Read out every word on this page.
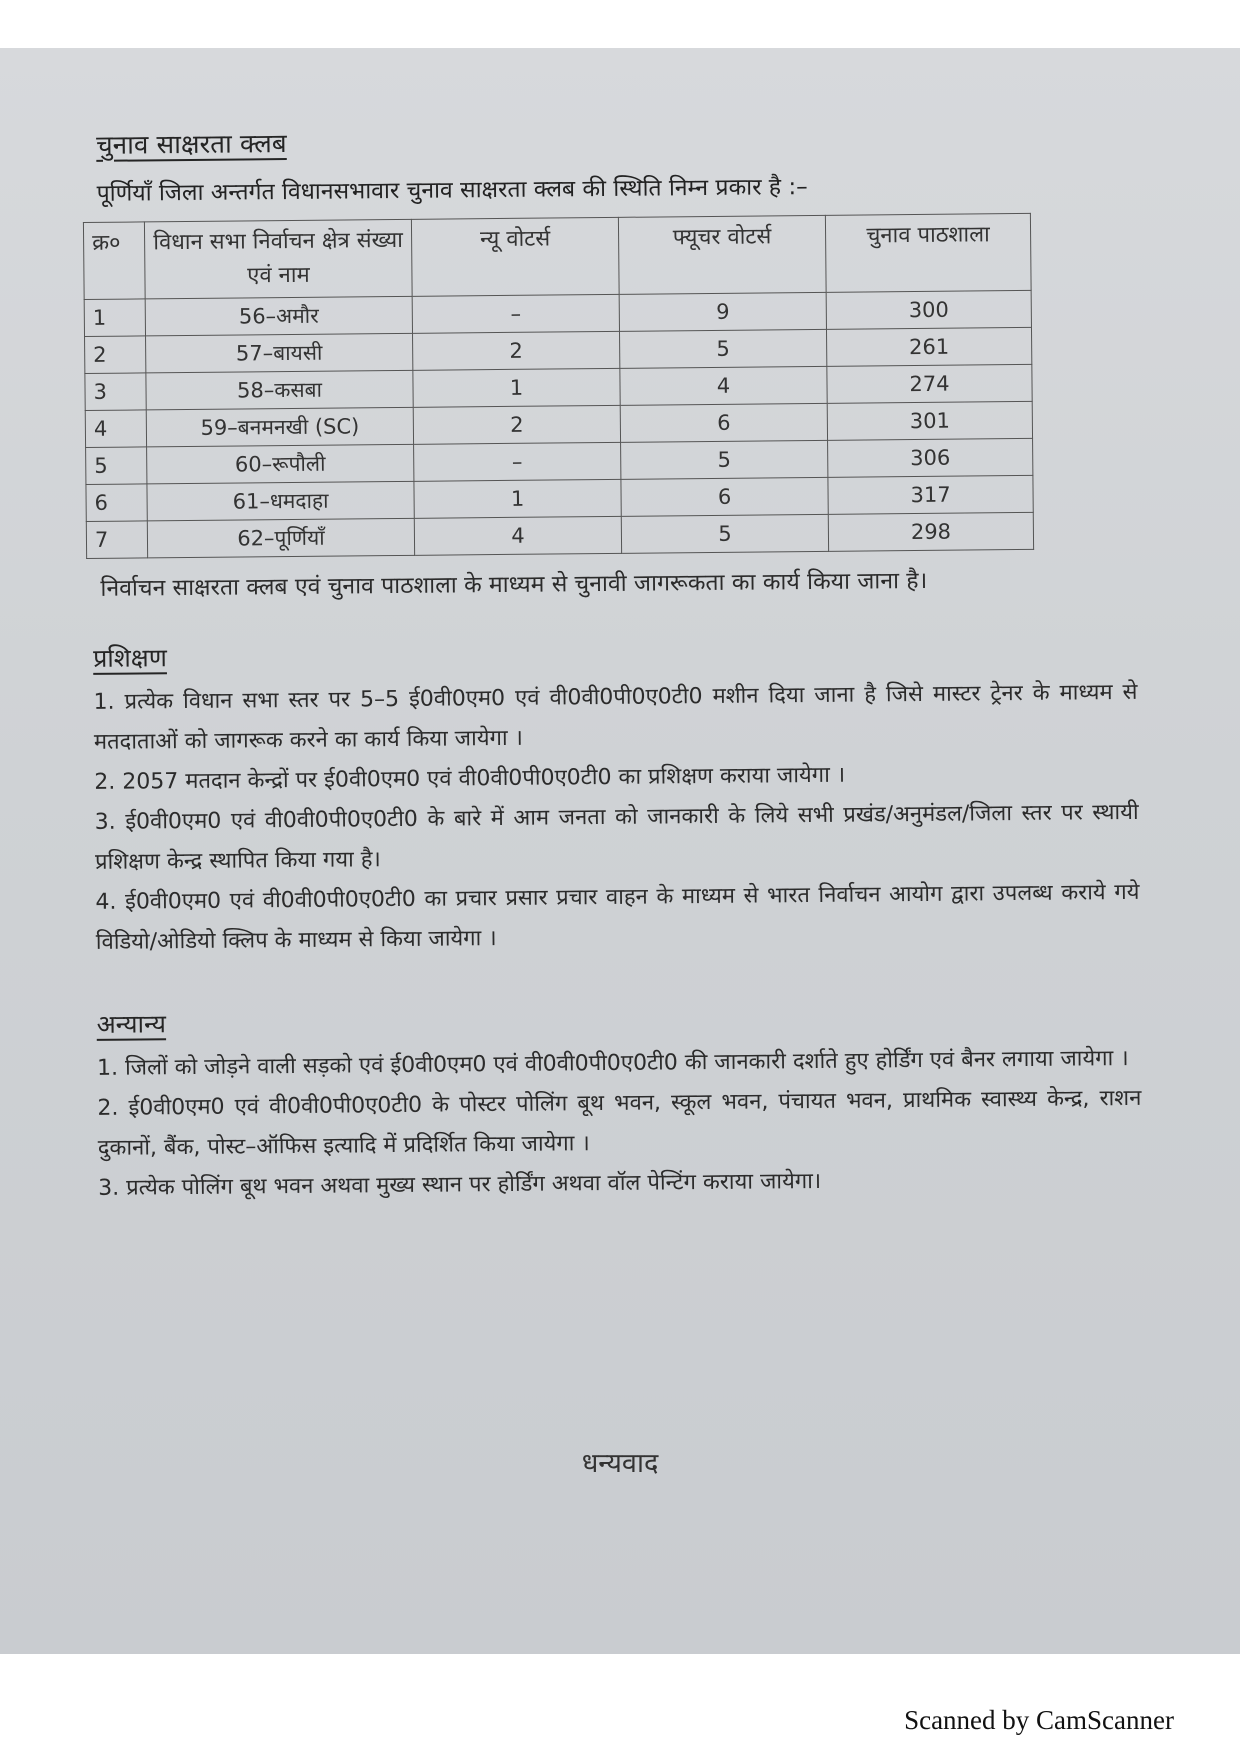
चुनाव साक्षरता क्लब
पूर्णियाँ जिला अन्तर्गत विधानसभावार चुनाव साक्षरता क्लब की स्थिति निम्न प्रकार है :–
क्र०	विधान सभा निर्वाचन क्षेत्र संख्या एवं नाम	न्यू वोटर्स	फ्यूचर वोटर्स	चुनाव पाठशाला
1	56–अमौर	–	9	300
2	57–बायसी	2	5	261
3	58–कसबा	1	4	274
4	59–बनमनखी (SC)	2	6	301
5	60–रूपौली	–	5	306
6	61–धमदाहा	1	6	317
7	62–पूर्णियाँ	4	5	298
निर्वाचन साक्षरता क्लब एवं चुनाव पाठशाला के माध्यम से चुनावी जागरूकता का कार्य किया जाना है।
प्रशिक्षण
1. प्रत्येक विधान सभा स्तर पर 5–5 ई0वी0एम0 एवं वी0वी0पी0ए0टी0 मशीन दिया जाना है जिसे मास्टर ट्रेनर के माध्यम से मतदाताओं को जागरूक करने का कार्य किया जायेगा ।
2. 2057 मतदान केन्द्रों पर ई0वी0एम0 एवं वी0वी0पी0ए0टी0 का प्रशिक्षण कराया जायेगा ।
3. ई0वी0एम0 एवं वी0वी0पी0ए0टी0 के बारे में आम जनता को जानकारी के लिये सभी प्रखंड/अनुमंडल/जिला स्तर पर स्थायी प्रशिक्षण केन्द्र स्थापित किया गया है।
4. ई0वी0एम0 एवं वी0वी0पी0ए0टी0 का प्रचार प्रसार प्रचार वाहन के माध्यम से भारत निर्वाचन आयोग द्वारा उपलब्ध कराये गये विडियो/ओडियो क्लिप के माध्यम से किया जायेगा ।
अन्यान्य
1. जिलों को जोड़ने वाली सड़को एवं ई0वी0एम0 एवं वी0वी0पी0ए0टी0 की जानकारी दर्शाते हुए होर्डिंग एवं बैनर लगाया जायेगा ।
2. ई0वी0एम0 एवं वी0वी0पी0ए0टी0 के पोस्टर पोलिंग बूथ भवन, स्कूल भवन, पंचायत भवन, प्राथमिक स्वास्थ्य केन्द्र, राशन दुकानों, बैंक, पोस्ट–ऑफिस इत्यादि में प्रदिर्शित किया जायेगा ।
3. प्रत्येक पोलिंग बूथ भवन अथवा मुख्य स्थान पर होर्डिंग अथवा वॉल पेन्टिंग कराया जायेगा।
धन्यवाद
Scanned by CamScanner
